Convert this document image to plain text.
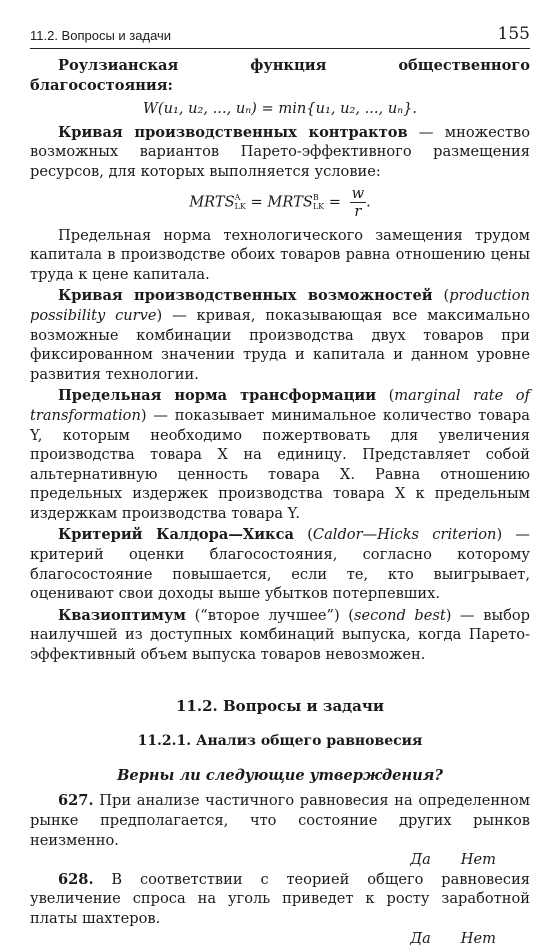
11.2. Вопросы и задачи	155

Роулзианская функция общественного благосостояния:

W(u₁, u₂, ..., uₙ) = min{u₁, u₂, ..., uₙ}.

Кривая производственных контрактов — множество возможных вариантов Парето-эффективного размещения ресурсов, для которых выполняется условие:

MRTS A
LK = MRTS B
LK = $\frac{w}{r}$ .

Предельная норма технологического замещения трудом капитала в производстве обоих товаров равна отношению цены труда к цене капитала.

Кривая производственных возможностей (production possibility curve) — кривая, показывающая все максимально возможные комбинации производства двух товаров при фиксированном значении труда и капитала и данном уровне развития технологии.

Предельная норма трансформации (marginal rate of transformation) — показывает минимальное количество товара Y, которым необходимо пожертвовать для увеличения производства товара X на единицу. Представляет собой альтернативную ценность товара X. Равна отношению предельных издержек производства товара X к предельным издержкам производства товара Y.

Критерий Калдора—Хикса (Caldor—Hicks criterion) — критерий оценки благосостояния, согласно которому благосостояние повышается, если те, кто выигрывает, оценивают свои доходы выше убытков потерпевших.

Квазиоптимум (“второе лучшее”) (second best) — выбор наилучшей из доступных комбинаций выпуска, когда Парето-эффективный объем выпуска товаров невозможен.

11.2. Вопросы и задачи

11.2.1. Анализ общего равновесия

Верны ли следующие утверждения?

627. При анализе частичного равновесия на определенном рынке предполагается, что состояние других рынков неизменно.

Да Нет

628. В соответствии с теорией общего равновесия увеличение спроса на уголь приведет к росту заработной платы шахтеров.

Да Нет
